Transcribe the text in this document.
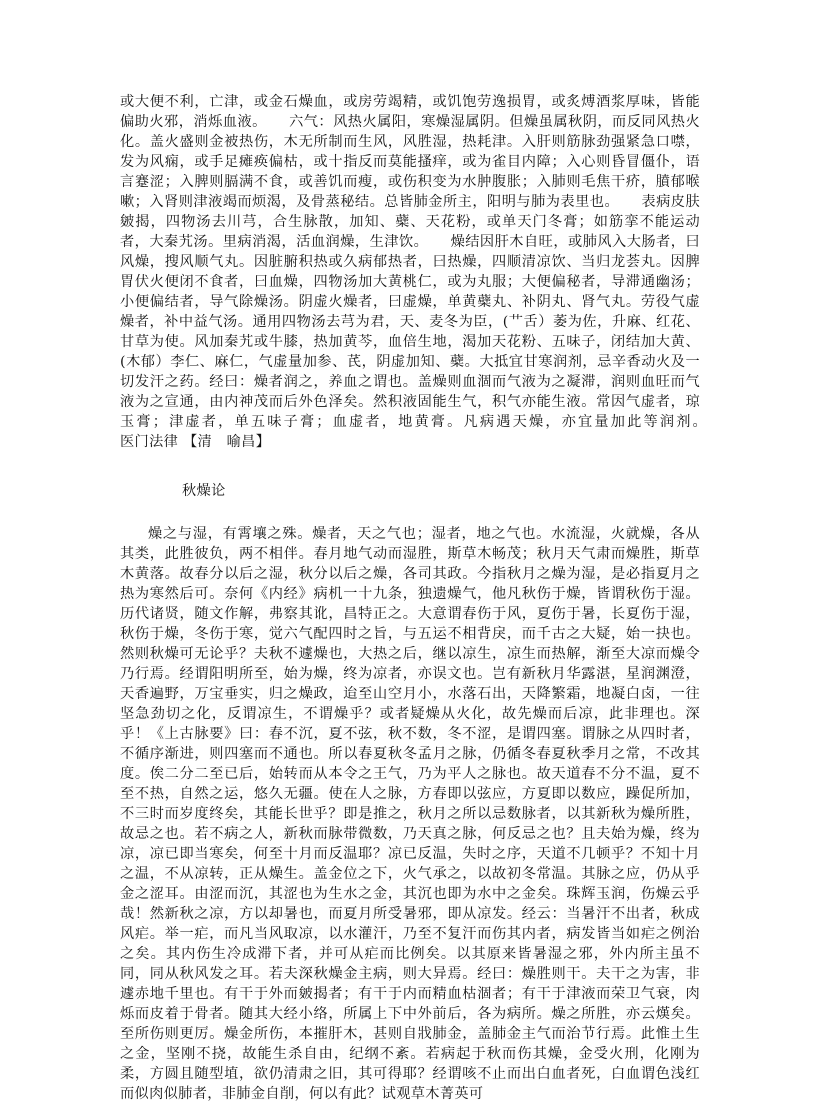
或大便不利，亡津，或金石燥血，或房劳竭精，或饥饱劳逸损胃，或炙煿酒浆厚味，皆能偏助火邪，消烁血液。　　六气：风热火属阳，寒燥湿属阴。但燥虽属秋阴，而反同风热火化。盖火盛则金被热伤，木无所制而生风，风胜湿，热耗津。入肝则筋脉劲强紧急口噤，发为风痫，或手足瘫痪偏枯，或十指反而莫能搔痒，或为雀目内障；入心则昏冒僵仆，语言蹇涩；入脾则膈满不食，或善饥而瘦，或伤积变为水肿腹胀；入肺则毛焦干疥，膹郁喉嗽；入肾则津液竭而烦渴，及骨蒸秘结。总皆肺金所主，阳明与肺为表里也。　　表病皮肤皴揭，四物汤去川芎，合生脉散，加知、蘗、天花粉，或单天门冬膏；如筋挛不能运动者，大秦艽汤。里病消渴，活血润燥，生津饮。　　燥结因肝木自旺，或肺风入大肠者，曰风燥，搜风顺气丸。因脏腑积热或久病郁热者，曰热燥，四顺清凉饮、当归龙荟丸。因脾胃伏火便闭不食者，曰血燥，四物汤加大黄桃仁，或为丸服；大便偏秘者，导滞通幽汤；小便偏结者，导气除燥汤。阴虚火燥者，曰虚燥，单黄蘗丸、补阴丸、肾气丸。劳役气虚燥者，补中益气汤。通用四物汤去芎为君，天、麦冬为臣，(艹舌）萎为佐，升麻、红花、甘草为使。风加秦艽或牛膝，热加黄芩，血倍生地，渴加天花粉、五味子，闭结加大黄、(木郁）李仁、麻仁，气虚量加参、芪，阴虚加知、蘗。大抵宜甘寒润剂，忌辛香动火及一切发汗之药。经曰：燥者润之，养血之谓也。盖燥则血涸而气液为之凝滞，润则血旺而气液为之宣通，由内神茂而后外色泽矣。然积液固能生气，积气亦能生液。常因气虚者，琼玉膏；津虚者，单五味子膏；血虚者，地黄膏。凡病遇天燥，亦宜量加此等润剂。　　　　医门法律 【清　喻昌】

秋燥论

燥之与湿，有霄壤之殊。燥者，天之气也；湿者，地之气也。水流湿，火就燥，各从其类，此胜彼负，两不相伴。春月地气动而湿胜，斯草木畅茂；秋月天气肃而燥胜，斯草木黄落。故春分以后之湿，秋分以后之燥，各司其政。今指秋月之燥为湿，是必指夏月之热为寒然后可。奈何《内经》病机一十九条，独遗燥气，他凡秋伤于燥，皆谓秋伤于湿。历代诸贤，随文作解，弗察其讹，昌特正之。大意谓春伤于风，夏伤于暑，长夏伤于湿，秋伤于燥，冬伤于寒，觉六气配四时之旨，与五运不相背戾，而千古之大疑，始一抉也。然则秋燥可无论乎？夫秋不遽燥也，大热之后，继以凉生，凉生而热解，渐至大凉而燥令乃行焉。经谓阳明所至，始为燥，终为凉者，亦误文也。岂有新秋月华露湛，星润渊澄，天香遍野，万宝垂实，归之燥政，迨至山空月小，水落石出，天降繁霜，地凝白卤，一往坚急劲切之化，反谓凉生，不谓燥乎？或者疑燥从火化，故先燥而后凉，此非理也。深乎！《上古脉要》曰：春不沉，夏不弦，秋不数，冬不涩，是谓四塞。谓脉之从四时者，不循序渐进，则四塞而不通也。所以春夏秋冬孟月之脉，仍循冬春夏秋季月之常，不改其度。俟二分二至已后，始转而从本令之王气，乃为平人之脉也。故天道春不分不温，夏不至不热，自然之运，悠久无疆。使在人之脉，方春即以弦应，方夏即以数应，躁促所加，不三时而岁度终矣，其能长世乎？即是推之，秋月之所以忌数脉者，以其新秋为燥所胜，故忌之也。若不病之人，新秋而脉带微数，乃天真之脉，何反忌之也？且夫始为燥，终为凉，凉已即当寒矣，何至十月而反温耶？凉已反温，失时之序，天道不几顿乎？不知十月之温，不从凉转，正从燥生。盖金位之下，火气承之，以故初冬常温。其脉之应，仍从乎金之涩耳。由涩而沉，其涩也为生水之金，其沉也即为水中之金矣。珠辉玉润，伤燥云乎哉！然新秋之凉，方以却暑也，而夏月所受暑邪，即从凉发。经云：当暑汗不出者，秋成风疟。举一疟，而凡当风取凉，以水灌汗，乃至不复汗而伤其内者，病发皆当如疟之例治之矣。其内伤生冷成滞下者，并可从疟而比例矣。以其原来皆暑湿之邪，外内所主虽不同，同从秋风发之耳。若夫深秋燥金主病，则大异焉。经曰：燥胜则干。夫干之为害，非遽赤地千里也。有干于外而皴揭者；有干于内而精血枯涸者；有干于津液而荣卫气衰，肉烁而皮着于骨者。随其大经小络，所属上下中外前后，各为病所。燥之所胜，亦云熯矣。至所伤则更厉。燥金所伤，本摧肝木，甚则自戕肺金，盖肺金主气而治节行焉。此惟土生之金，坚刚不挠，故能生杀自由，纪纲不紊。若病起于秋而伤其燥，金受火刑，化刚为柔，方圆且随型埴，欲仍清肃之旧，其可得耶？经谓咳不止而出白血者死，白血谓色浅红而似肉似肺者，非肺金自削，何以有此？试观草木菁英可
